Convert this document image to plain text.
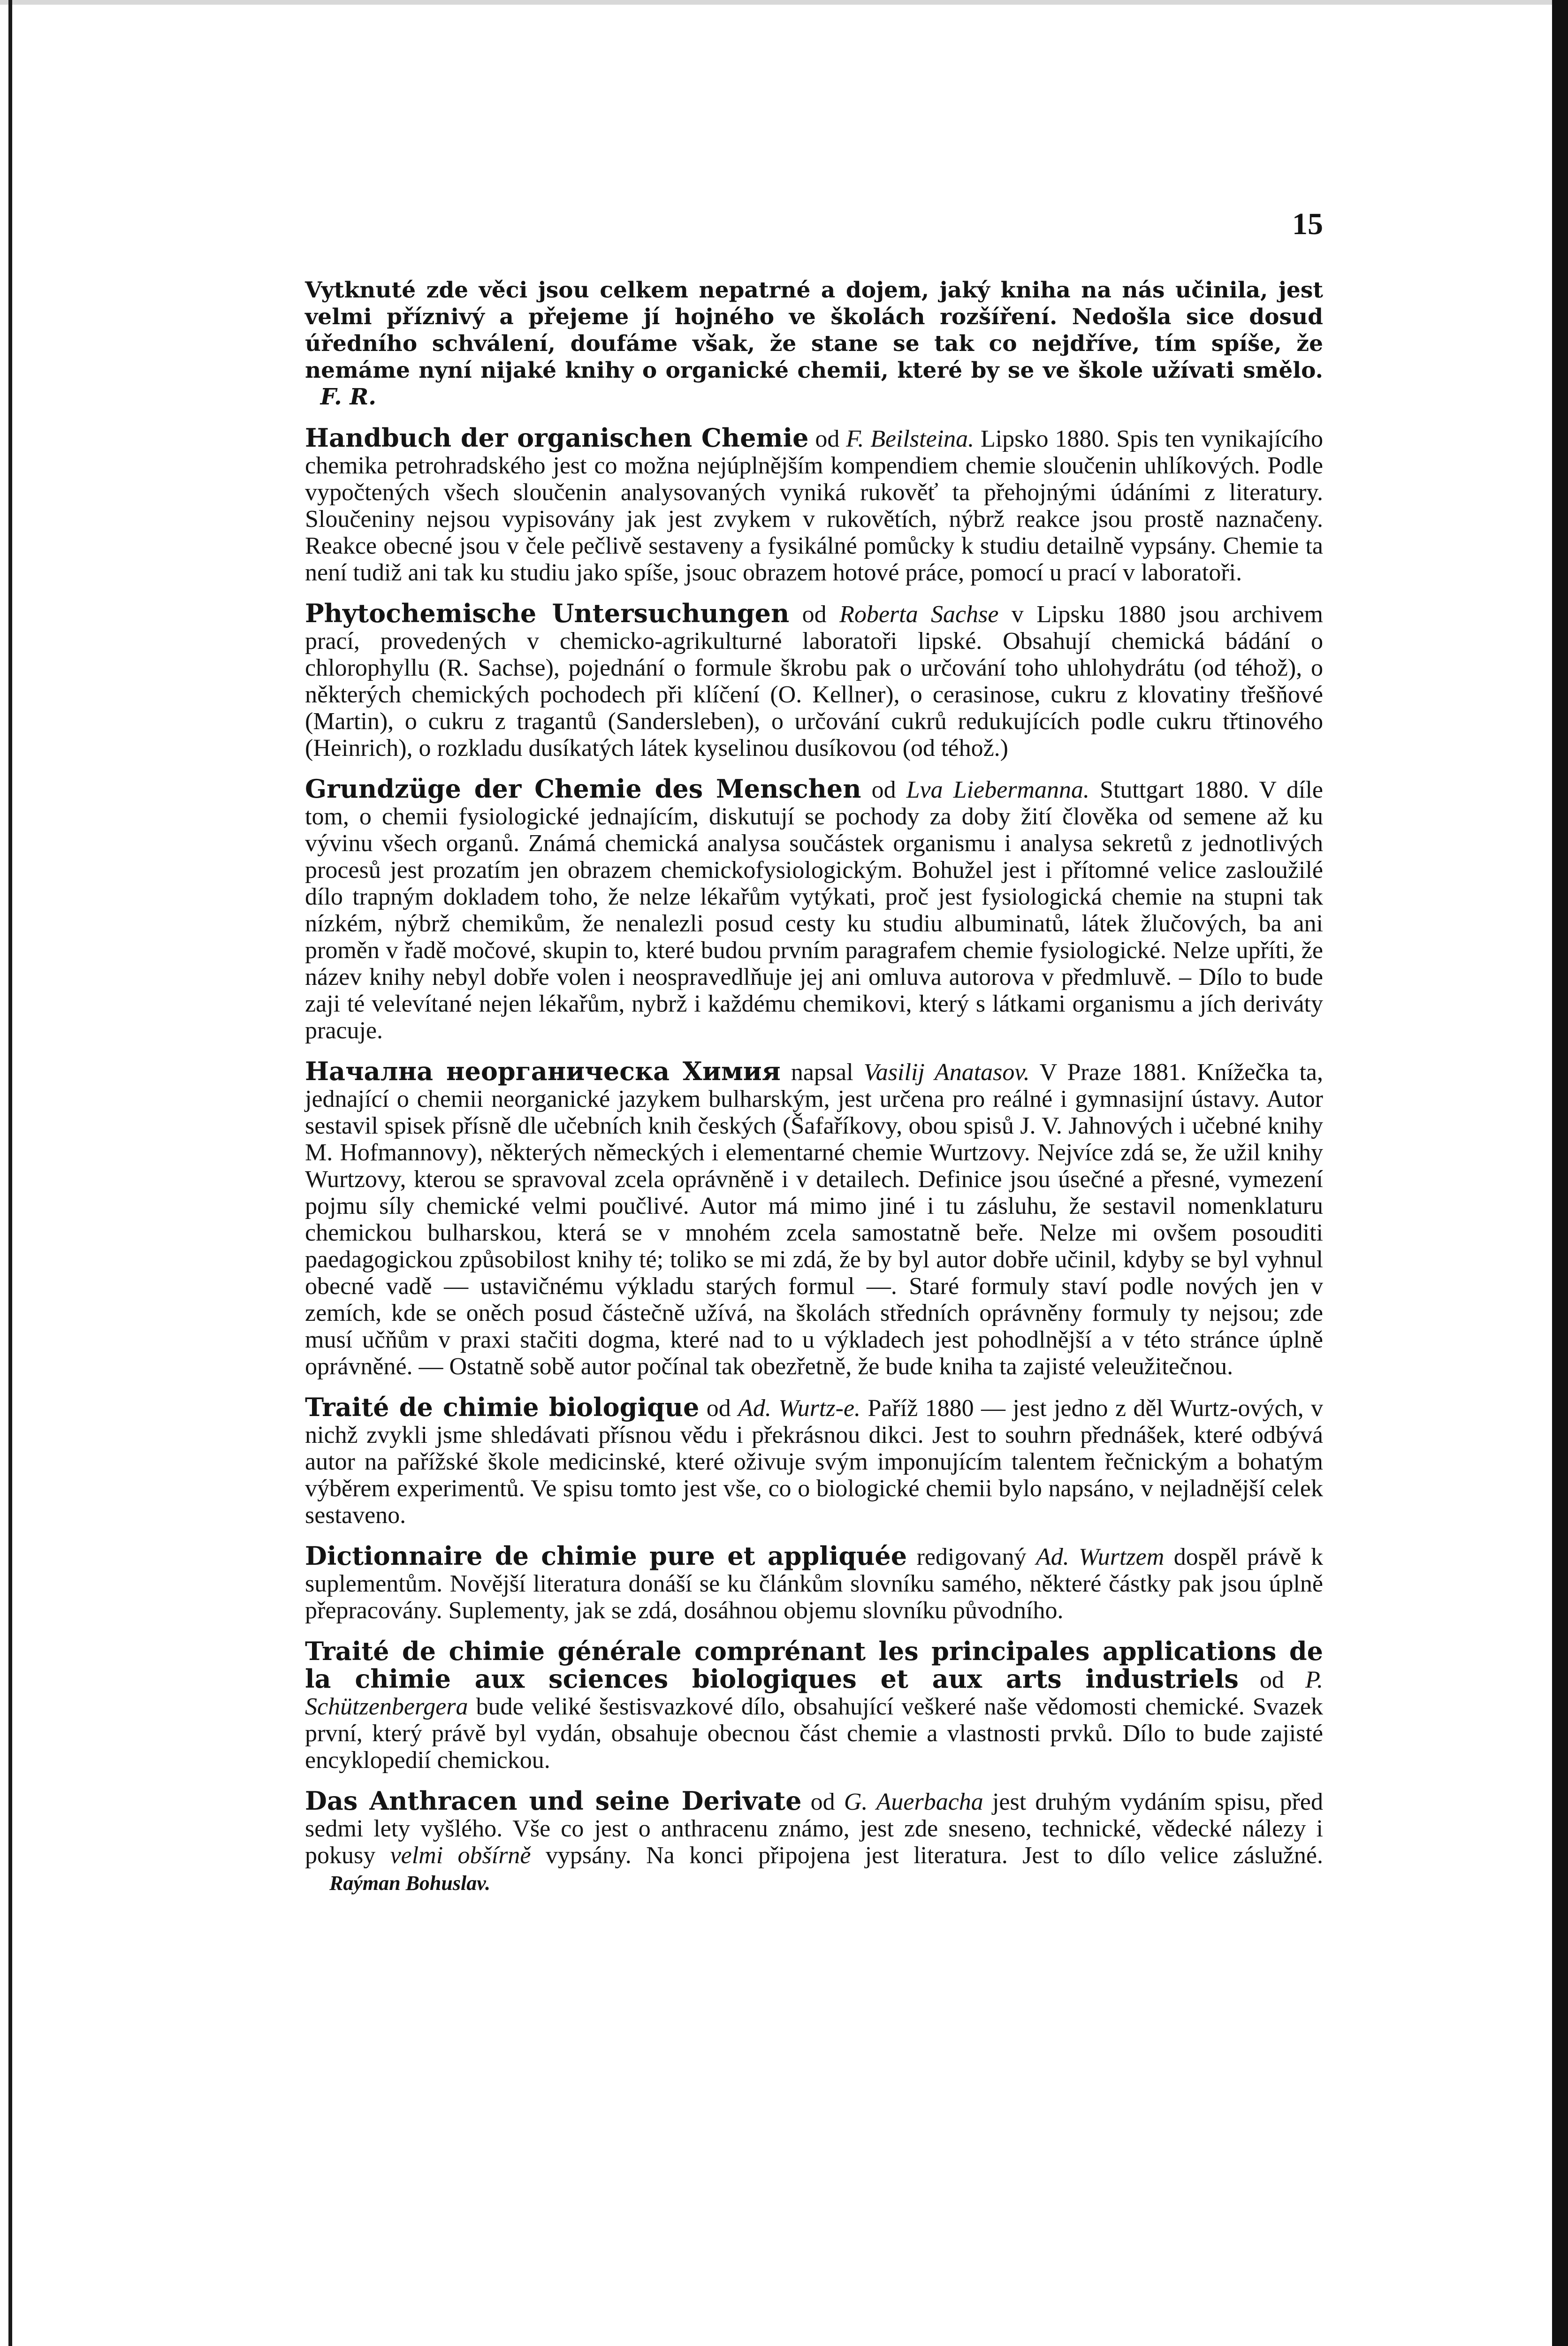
15

Vytknuté zde věci jsou celkem nepatrné a dojem, jaký kniha na nás učinila, jest velmi příznivý a přejeme jí hojného ve školách rozšíření. Nedošla sice dosud úředního schválení, doufáme však, že stane se tak co nejdříve, tím spíše, že nemáme nyní nijaké knihy o organické chemii, které by se ve škole užívati smělo.   F. R.

Handbuch der organischen Chemie od F. Beilsteina. Lipsko 1880. Spis ten vynikajícího chemika petrohradského jest co možna nejúplnějším kompendiem chemie sloučenin uhlíkových. Podle vypočtených všech sloučenin analysovaných vyniká rukověť ta přehojnými údáními z literatury. Sloučeniny nejsou vypisovány jak jest zvykem v rukovětích, nýbrž reakce jsou prostě naznačeny. Reakce obecné jsou v čele pečlivě sestaveny a fysikálné pomůcky k studiu detailně vypsány. Chemie ta není tudiž ani tak ku studiu jako spíše, jsouc obrazem hotové práce, pomocí u prací v laboratoři.

Phytochemische Untersuchungen od Roberta Sachse v Lipsku 1880 jsou archivem prací, provedených v chemicko-agrikulturné laboratoři lipské. Obsahují chemická bádání o chlorophyllu (R. Sachse), pojednání o formule škrobu pak o určování toho uhlohydrátu (od téhož), o některých chemických pochodech při klíčení (O. Kellner), o cerasinose, cukru z klovatiny třešňové (Martin), o cukru z tragantů (Sandersleben), o určování cukrů redukujících podle cukru třtinového (Heinrich), o rozkladu dusíkatých látek kyselinou dusíkovou (od téhož.)

Grundzüge der Chemie des Menschen od Lva Liebermanna. Stuttgart 1880. V díle tom, o chemii fysiologické jednajícím, diskutují se pochody za doby žití člověka od semene až ku vývinu všech organů. Známá chemická analysa součástek organismu i analysa sekretů z jednotlivých procesů jest prozatím jen obrazem chemickofysiologickým. Bohužel jest i přítomné velice zasloužilé dílo trapným dokladem toho, že nelze lékařům vytýkati, proč jest fysiologická chemie na stupni tak nízkém, nýbrž chemikům, že nenalezli posud cesty ku studiu albuminatů, látek žlučových, ba ani proměn v řadě močové, skupin to, které budou prvním paragrafem chemie fysiologické. Nelze upříti, že název knihy nebyl dobře volen i neospravedlňuje jej ani omluva autorova v předmluvě. – Dílo to bude zaji té velevítané nejen lékařům, nybrž i každému chemikovi, který s látkami organismu a jích deriváty pracuje.

Начална неорганическа Химия napsal Vasilij Anatasov. V Praze 1881. Knížečka ta, jednající o chemii neorganické jazykem bulharským, jest určena pro reálné i gymnasijní ústavy. Autor sestavil spisek přísně dle učebních knih českých (Šafaříkovy, obou spisů J. V. Jahnových i učebné knihy M. Hofmannovy), některých německých i elementarné chemie Wurtzovy. Nejvíce zdá se, že užil knihy Wurtzovy, kterou se spravoval zcela oprávněně i v detailech. Definice jsou úsečné a přesné, vymezení pojmu síly chemické velmi poučlivé. Autor má mimo jiné i tu zásluhu, že sestavil nomenklaturu chemickou bulharskou, která se v mnohém zcela samostatně beře. Nelze mi ovšem posouditi paedagogickou způsobilost knihy té; toliko se mi zdá, že by byl autor dobře učinil, kdyby se byl vyhnul obecné vadě — ustavičnému výkladu starých formul —. Staré formuly staví podle nových jen v zemích, kde se oněch posud částečně užívá, na školách středních oprávněny formuly ty nejsou; zde musí učňům v praxi stačiti dogma, které nad to u výkladech jest pohodlnější a v této stránce úplně oprávněné. — Ostatně sobě autor počínal tak obezřetně, že bude kniha ta zajisté veleužitečnou.

Traité de chimie biologique od Ad. Wurtz-e. Paříž 1880 — jest jedno z děl Wurtz-ových, v nichž zvykli jsme shledávati přísnou vědu i překrásnou dikci. Jest to souhrn přednášek, které odbývá autor na pařížské škole medicinské, které oživuje svým imponujícím talentem řečnickým a bohatým výběrem experimentů. Ve spisu tomto jest vše, co o biologické chemii bylo napsáno, v nejladnější celek sestaveno.

Dictionnaire de chimie pure et appliquée redigovaný Ad. Wurtzem dospěl právě k suplementům. Novější literatura donáší se ku článkům slovníku samého, některé částky pak jsou úplně přepracovány. Suplementy, jak se zdá, dosáhnou objemu slovníku původního.

Traité de chimie générale comprénant les principales applications de la chimie aux sciences biologiques et aux arts industriels od P. Schützenbergera bude veliké šestisvazkové dílo, obsahující veškeré naše vědomosti chemické. Svazek první, který právě byl vydán, obsahuje obecnou část chemie a vlastnosti prvků. Dílo to bude zajisté encyklopedií chemickou.

Das Anthracen und seine Derivate od G. Auerbacha jest druhým vydáním spisu, před sedmi lety vyšlého. Vše co jest o anthracenu známo, jest zde sneseno, technické, vědecké nálezy i pokusy velmi obšírně vypsány. Na konci připojena jest literatura. Jest to dílo velice záslužné.     Raýman Bohuslav.
